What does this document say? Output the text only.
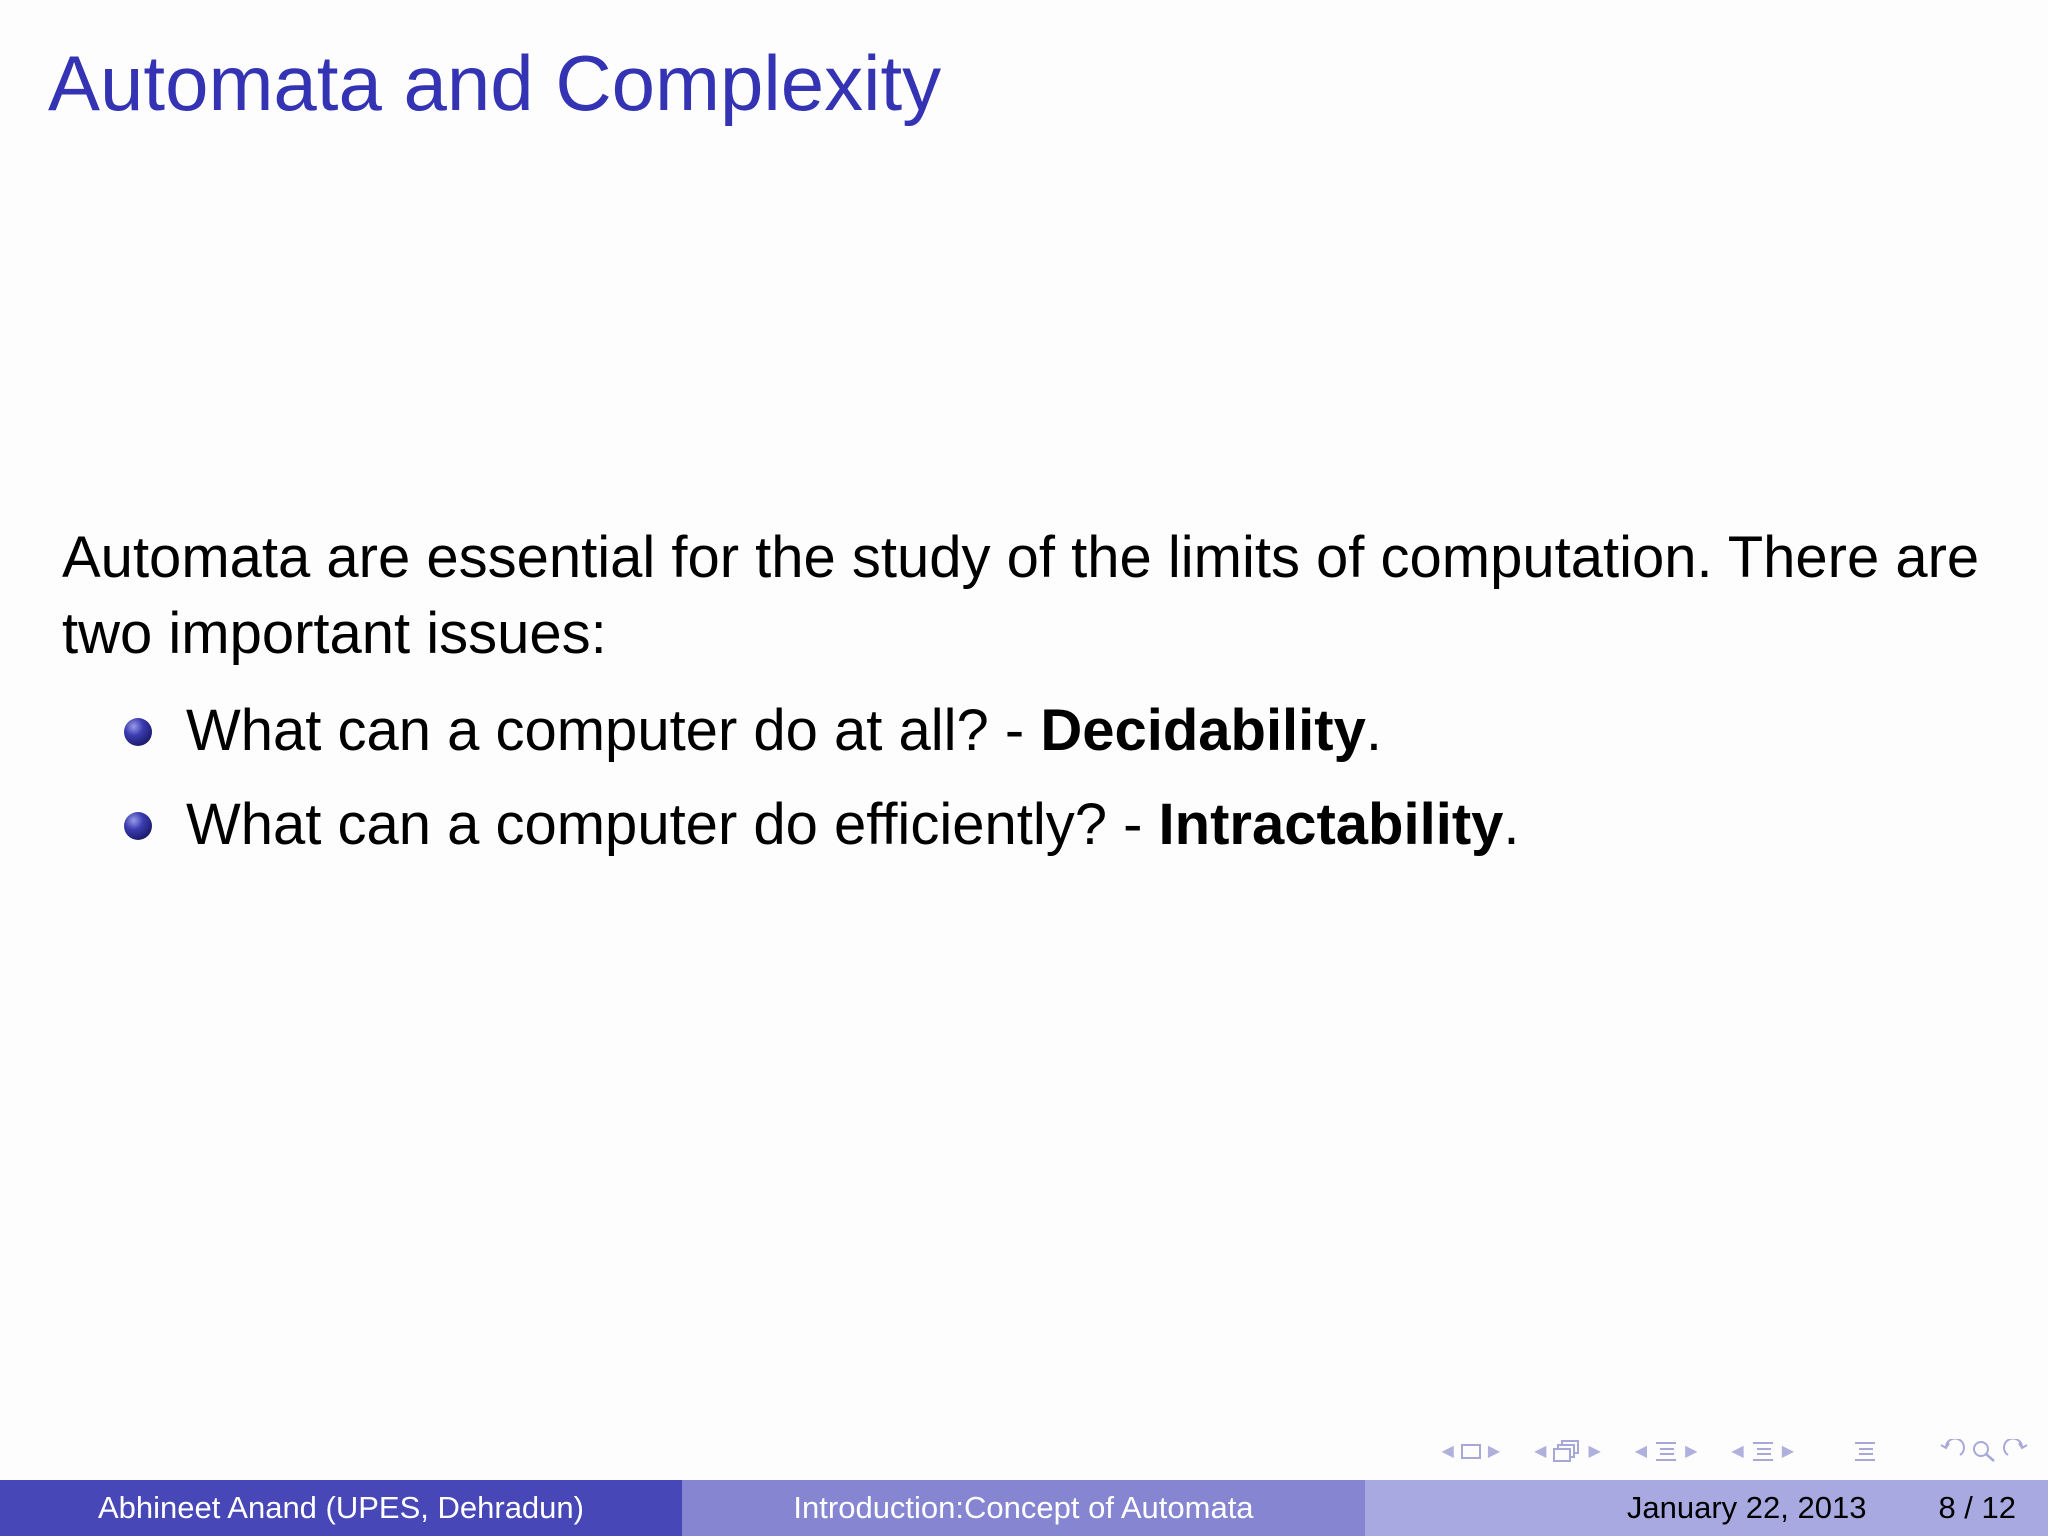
Automata and Complexity

Automata are essential for the study of the limits of computation. There are two important issues:

What can a computer do at all? - Decidability.
What can a computer do efficiently? - Intractability.
◀	▶	◀	▶	◀	▶	◀	▶
Abhineet Anand (UPES, Dehradun)	Introduction:Concept of Automata	January 22, 2013 8 / 12
